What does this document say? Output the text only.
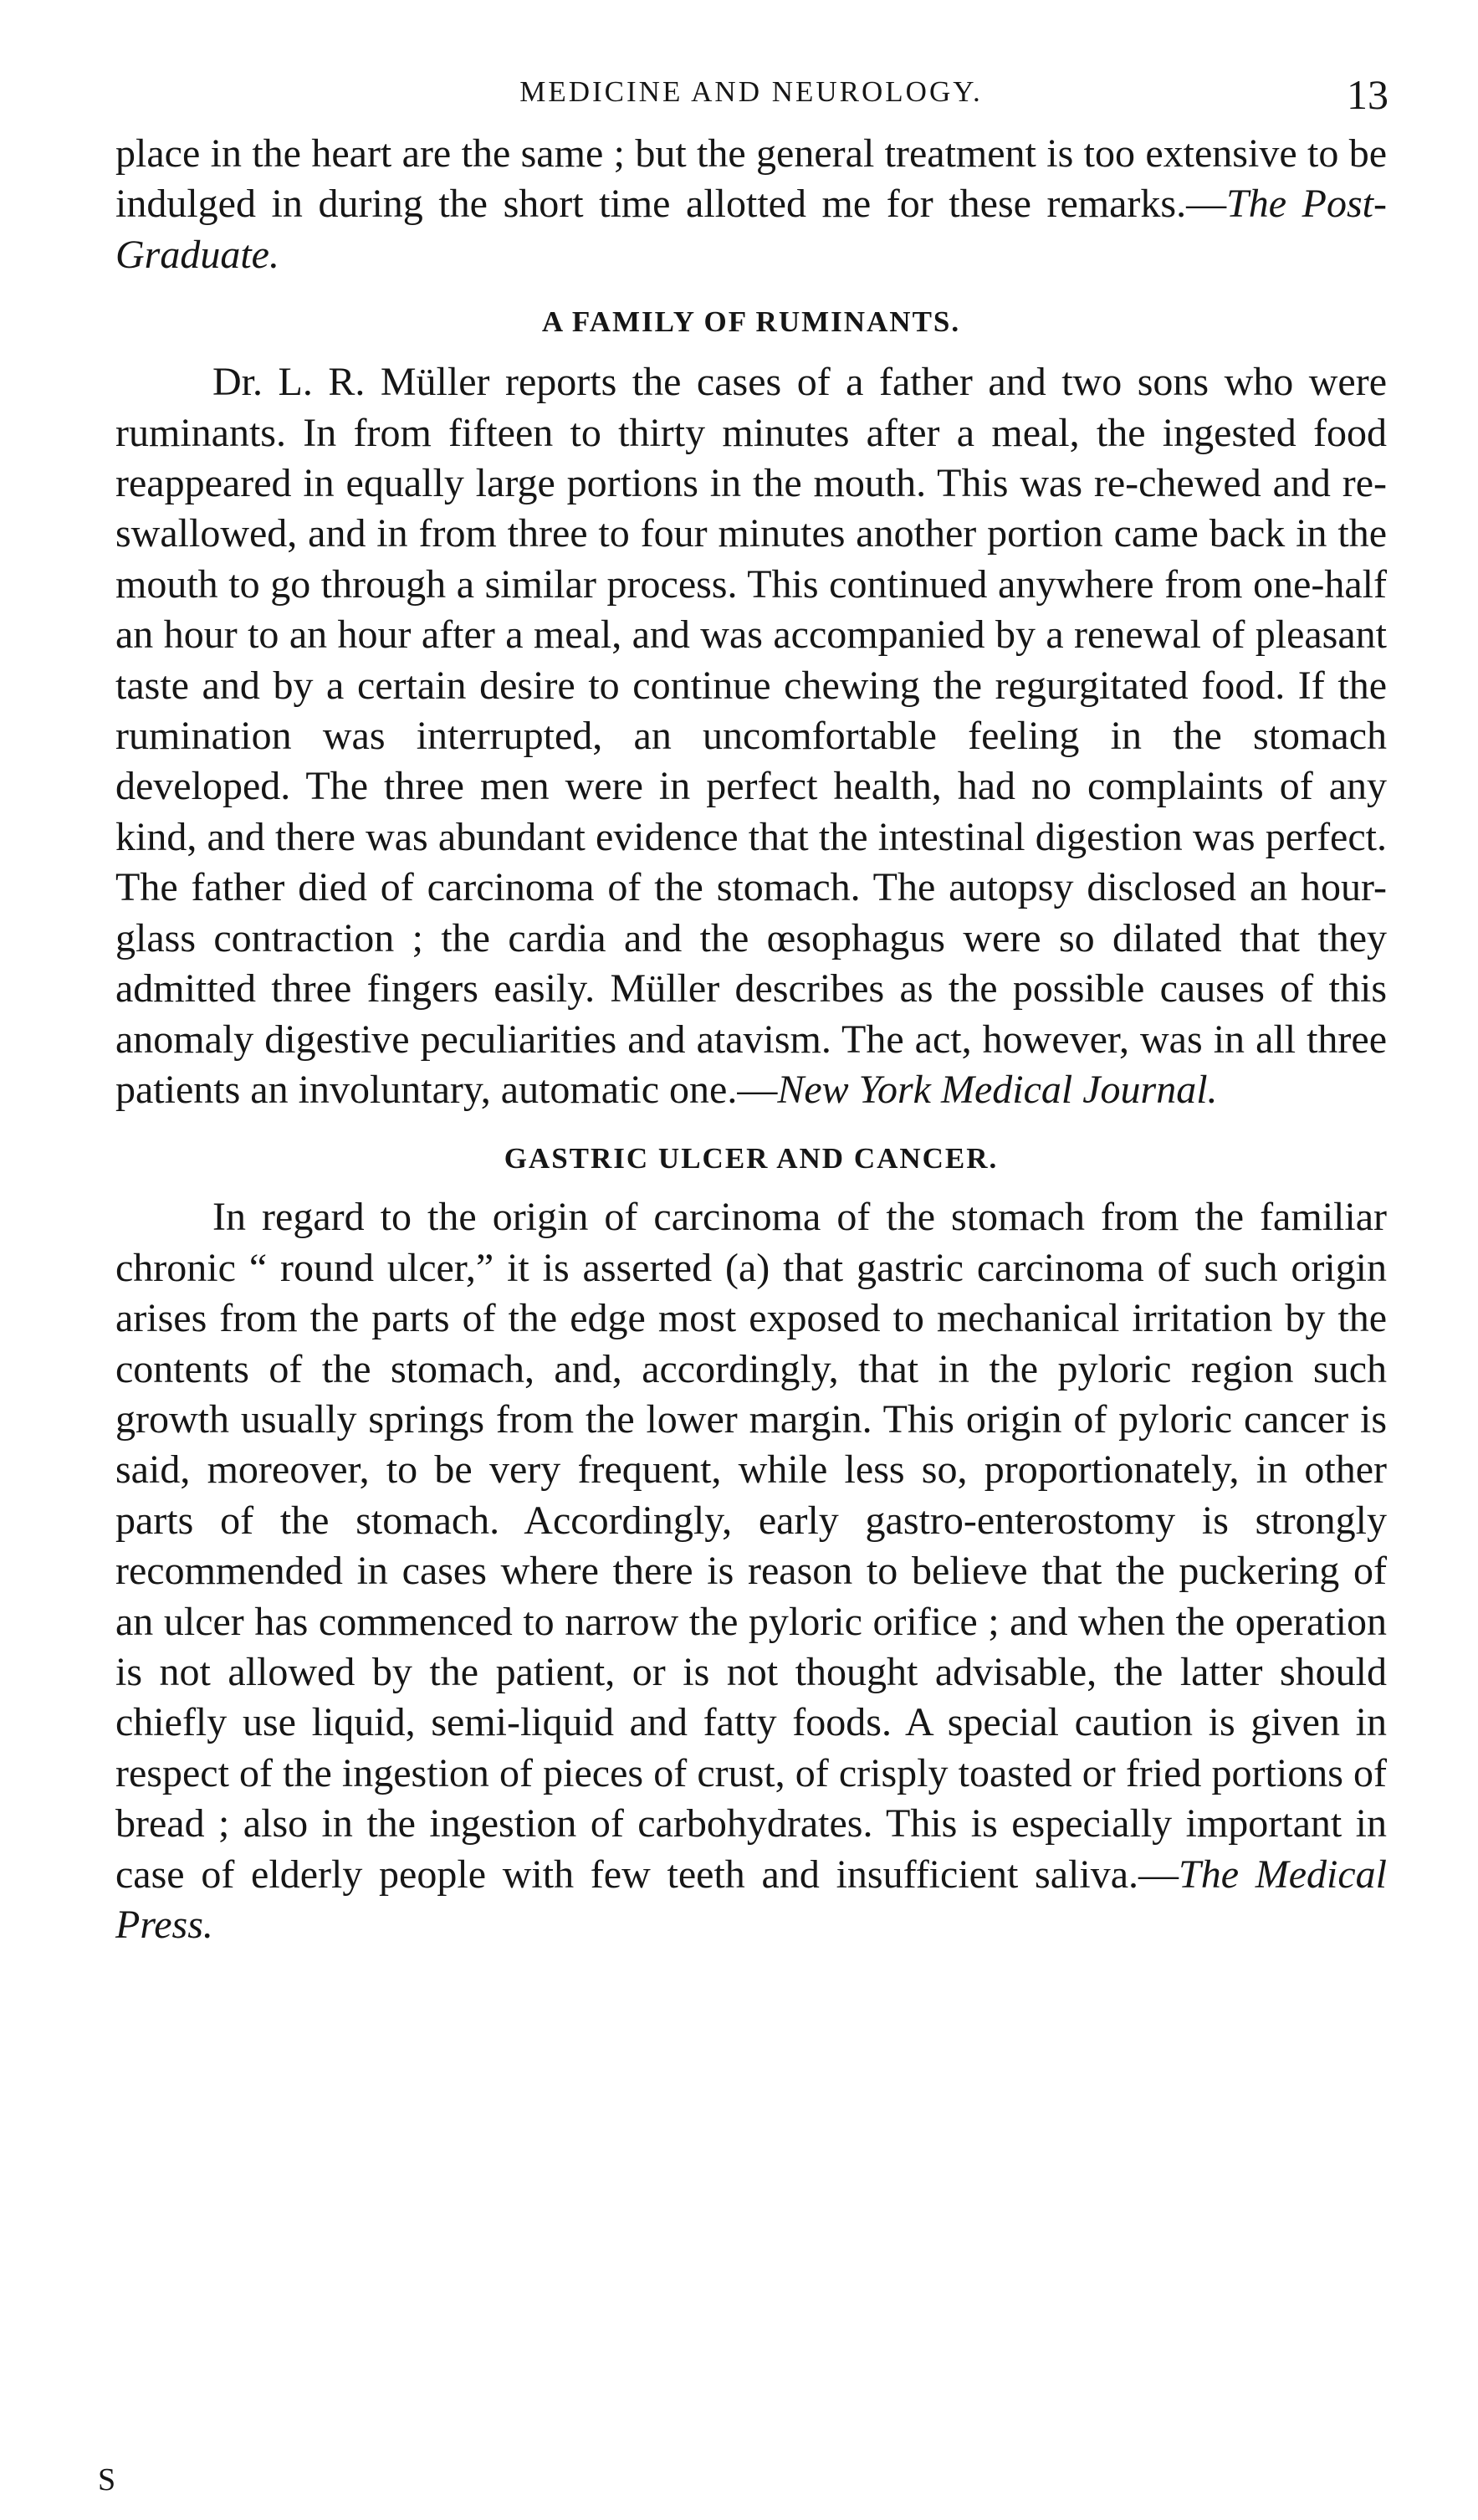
MEDICINE AND NEUROLOGY.	13

place in the heart are the same ; but the general treatment is too extensive to be indulged in during the short time allotted me for these remarks.—The Post-Graduate.

A FAMILY OF RUMINANTS.

Dr. L. R. Müller reports the cases of a father and two sons who were ruminants. In from fifteen to thirty minutes after a meal, the ingested food reappeared in equally large portions in the mouth. This was re-chewed and re-swallowed, and in from three to four minutes another portion came back in the mouth to go through a similar process. This continued anywhere from one-half an hour to an hour after a meal, and was accompanied by a renewal of pleasant taste and by a certain desire to continue chewing the regurgitated food. If the rumination was interrupted, an uncomfortable feeling in the stomach developed. The three men were in perfect health, had no complaints of any kind, and there was abundant evidence that the intestinal digestion was perfect. The father died of carcinoma of the stomach. The autopsy disclosed an hour-glass contraction ; the cardia and the œsophagus were so dilated that they admitted three fingers easily. Müller describes as the possible causes of this anomaly digestive peculiarities and atavism. The act, however, was in all three patients an involuntary, automatic one.—New York Medical Journal.

GASTRIC ULCER AND CANCER.

In regard to the origin of carcinoma of the stomach from the familiar chronic “ round ulcer,” it is asserted (a) that gastric carcinoma of such origin arises from the parts of the edge most exposed to mechanical irritation by the contents of the stomach, and, accordingly, that in the pyloric region such growth usually springs from the lower margin. This origin of pyloric cancer is said, moreover, to be very frequent, while less so, proportionately, in other parts of the stomach. Accordingly, early gastro-enterostomy is strongly recommended in cases where there is reason to believe that the puckering of an ulcer has commenced to narrow the pyloric orifice ; and when the operation is not allowed by the patient, or is not thought advisable, the latter should chiefly use liquid, semi-liquid and fatty foods. A special caution is given in respect of the ingestion of pieces of crust, of crisply toasted or fried portions of bread ; also in the ingestion of carbohydrates. This is especially important in case of elderly people with few teeth and insufficient saliva.—The Medical Press.

S
